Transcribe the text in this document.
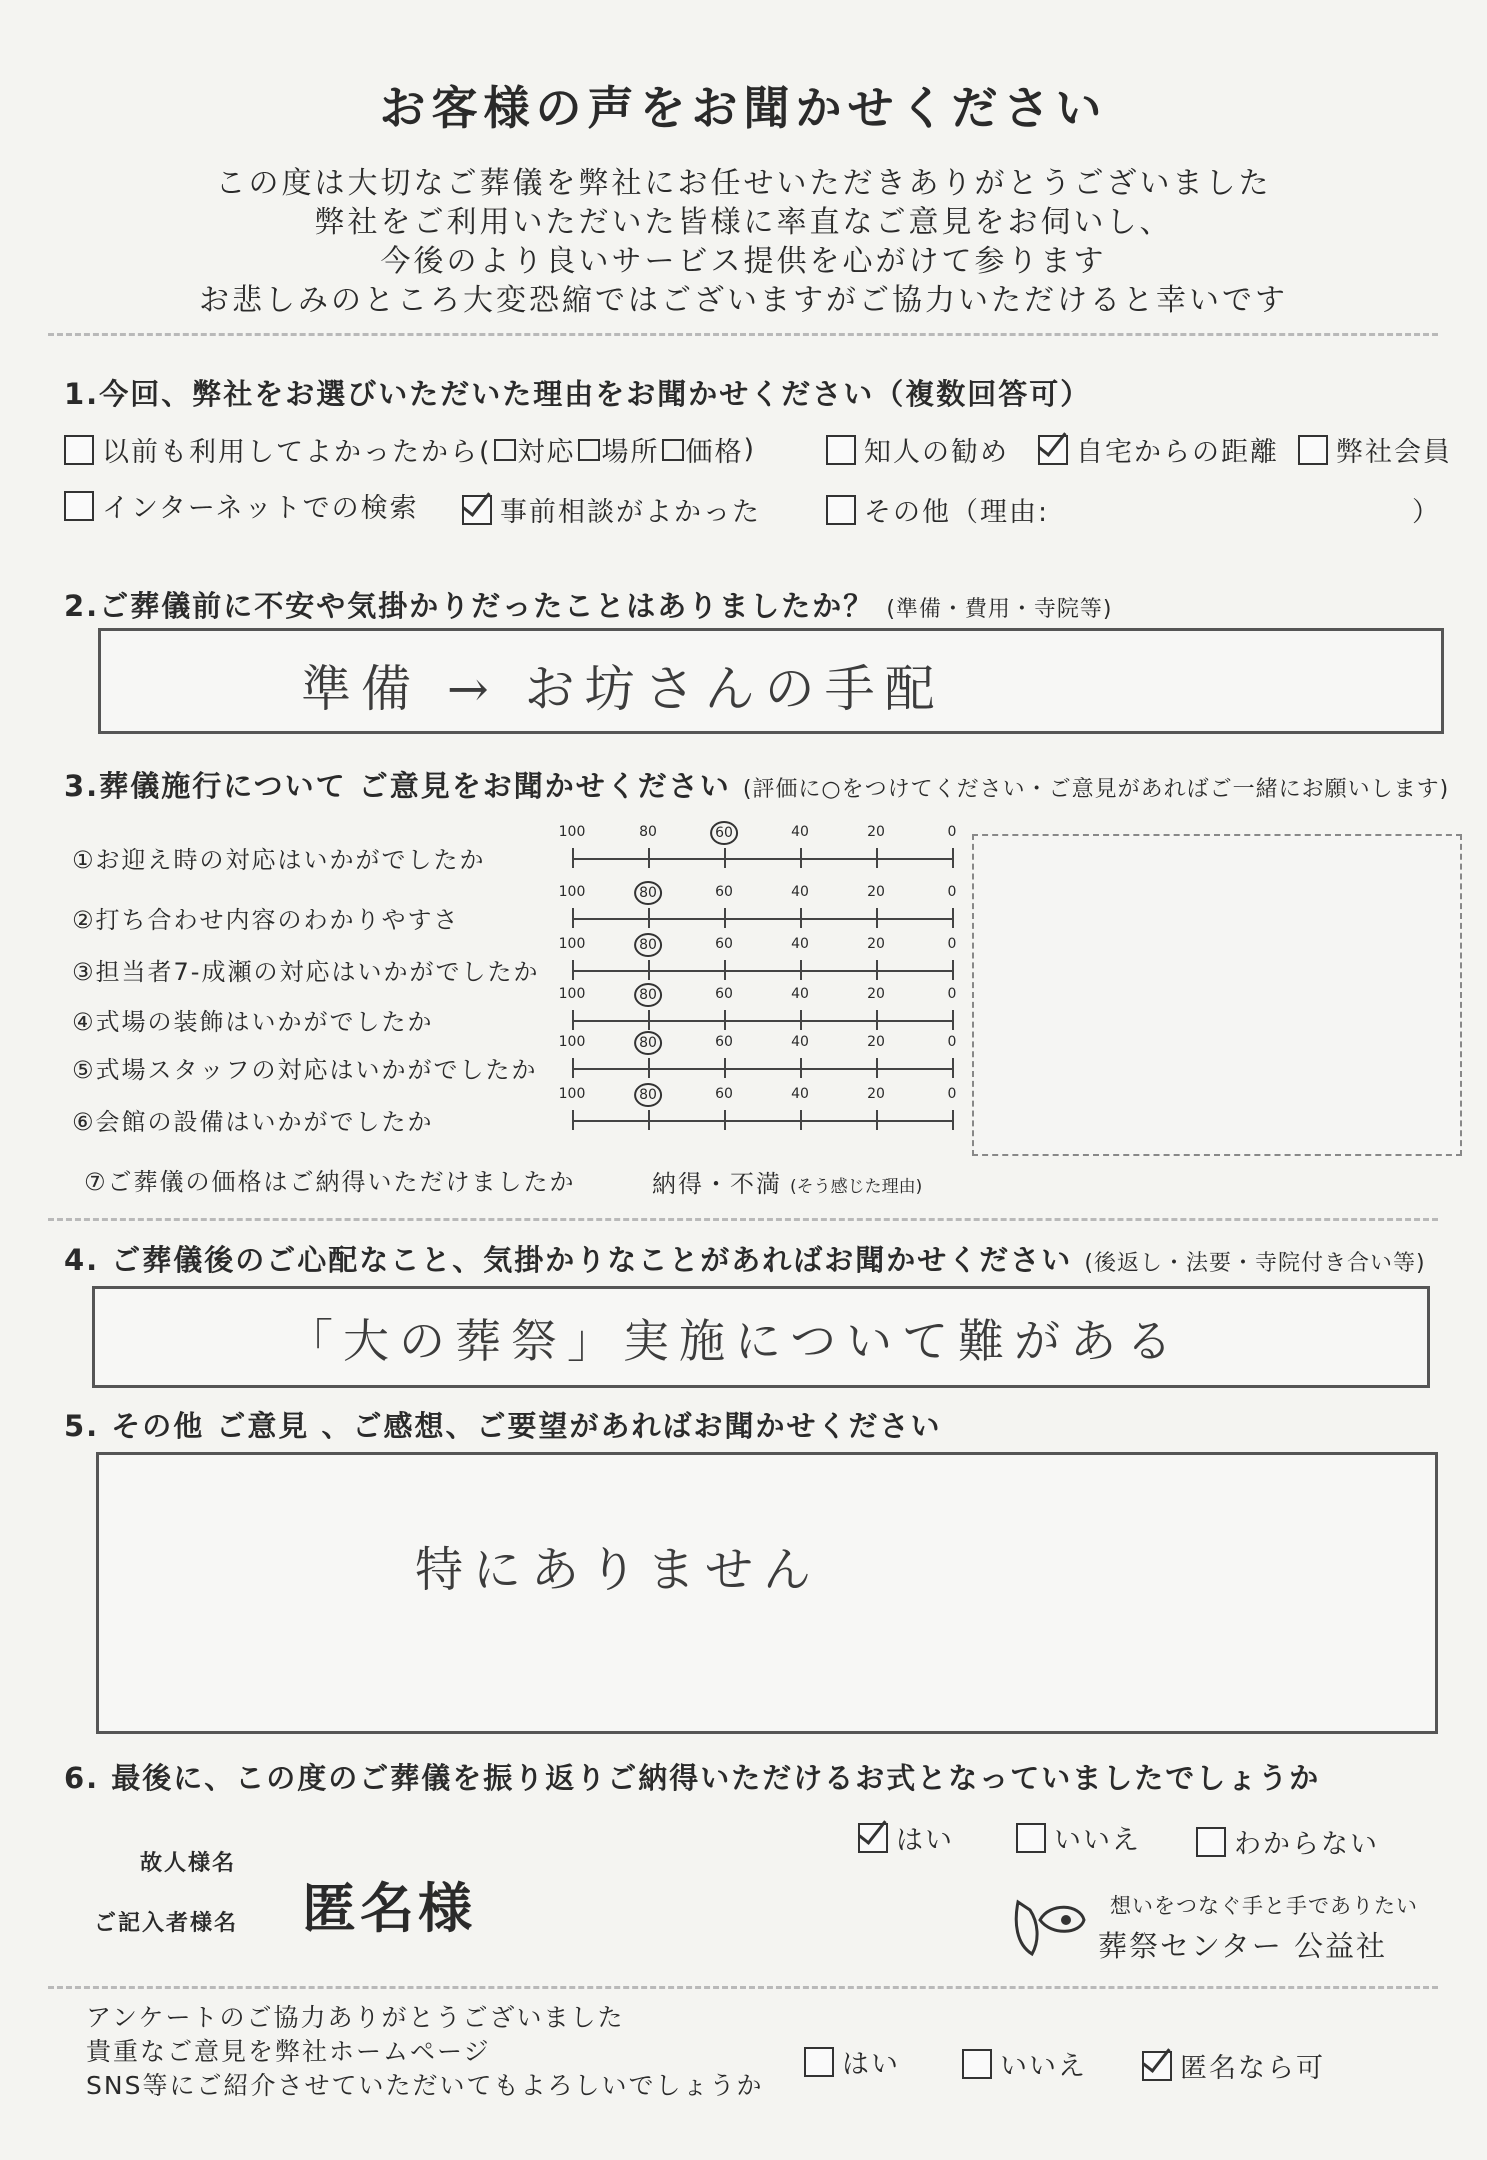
お客様の声をお聞かせください
この度は大切なご葬儀を弊社にお任せいただきありがとうございました
弊社をご利用いただいた皆様に率直なご意見をお伺いし、
今後のより良いサービス提供を心がけて参ります
お悲しみのところ大変恐縮ではございますがご協力いただけると幸いです
1.今回、弊社をお選びいただいた理由をお聞かせください（複数回答可）
以前も利用してよかったから( 対応 場所 価格 )	知人の勧め 自宅からの距離 弊社会員
インターネットでの検索	事前相談がよかった	その他（理由:	）
2.ご葬儀前に不安や気掛かりだったことはありましたか？ (準備・費用・寺院等)
準備 → お坊さんの手配
3.葬儀施行について ご意見をお聞かせください (評価に○をつけてください・ご意見があればご一緒にお願いします)
①お迎え時の対応はいかがでしたか
100	80	60	40	20	0
②打ち合わせ内容のわかりやすさ
100	80	60	40	20	0
③担当者7-成瀬の対応はいかがでしたか
100	80	60	40	20	0
④式場の装飾はいかがでしたか
100	80	60	40	20	0
⑤式場スタッフの対応はいかがでしたか
100	80	60	40	20	0
⑥会館の設備はいかがでしたか
100	80	60	40	20	0
⑦ご葬儀の価格はご納得いただけましたか	納得・不満 (そう感じた理由)
4. ご葬儀後のご心配なこと、気掛かりなことがあればお聞かせください (後返し・法要・寺院付き合い等)
「大の葬祭」実施について難がある
5. その他 ご意見 、ご感想、ご要望があればお聞かせください
特にありません
6. 最後に、この度のご葬儀を振り返りご納得いただけるお式となっていましたでしょうか
はい	いいえ	わからない
故人様名
ご記入者様名 匿名様	想いをつなぐ手と手でありたい
葬祭センター 公益社
アンケートのご協力ありがとうございました
貴重なご意見を弊社ホームページ
SNS等にご紹介させていただいてもよろしいでしょうか
はい	いいえ	匿名なら可
